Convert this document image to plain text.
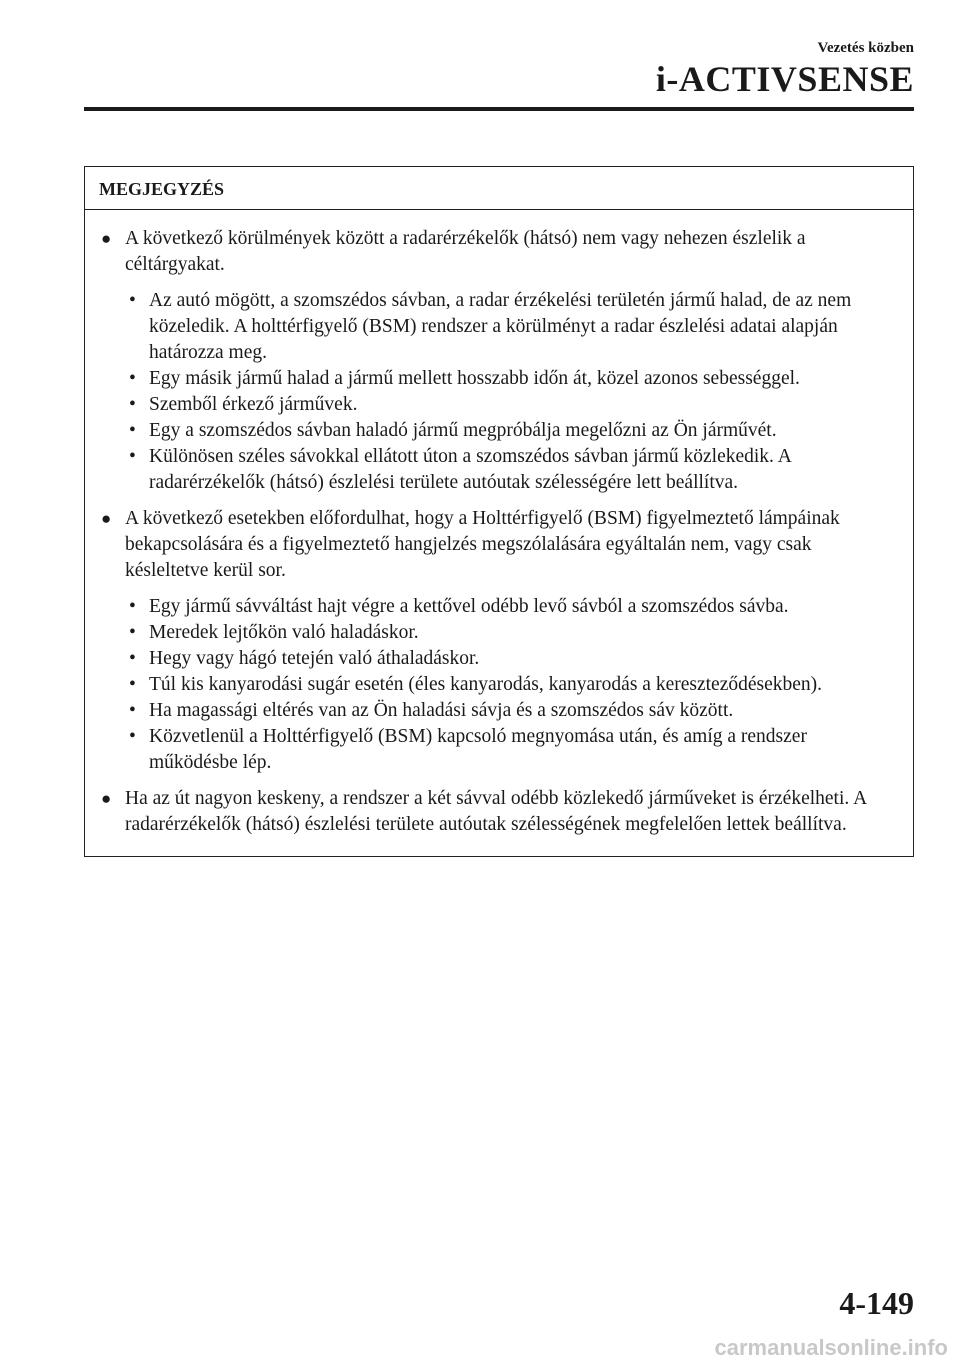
Vezetés közben
i-ACTIVSENSE
MEGJEGYZÉS
● A következő körülmények között a radarérzékelők (hátsó) nem vagy nehezen észlelik a céltárgyakat.
• Az autó mögött, a szomszédos sávban, a radar érzékelési területén jármű halad, de az nem közeledik. A holttérfigyelő (BSM) rendszer a körülményt a radar észlelési adatai alapján határozza meg.
• Egy másik jármű halad a jármű mellett hosszabb időn át, közel azonos sebességgel.
• Szemből érkező járművek.
• Egy a szomszédos sávban haladó jármű megpróbálja megelőzni az Ön járművét.
• Különösen széles sávokkal ellátott úton a szomszédos sávban jármű közlekedik. A radarérzékelők (hátsó) észlelési területe autóutak szélességére lett beállítva.
● A következő esetekben előfordulhat, hogy a Holttérfigyelő (BSM) figyelmeztető lámpáinak bekapcsolására és a figyelmeztető hangjelzés megszólalására egyáltalán nem, vagy csak késleltetve kerül sor.
• Egy jármű sávváltást hajt végre a kettővel odébb levő sávból a szomszédos sávba.
• Meredek lejtőkön való haladáskor.
• Hegy vagy hágó tetején való áthaladáskor.
• Túl kis kanyarodási sugár esetén (éles kanyarodás, kanyarodás a kereszteződésekben).
• Ha magassági eltérés van az Ön haladási sávja és a szomszédos sáv között.
• Közvetlenül a Holttérfigyelő (BSM) kapcsoló megnyomása után, és amíg a rendszer működésbe lép.
● Ha az út nagyon keskeny, a rendszer a két sávval odébb közlekedő járműveket is érzékelheti. A radarérzékelők (hátsó) észlelési területe autóutak szélességének megfelelően lettek beállítva.
4-149
carmanualsonline.info
